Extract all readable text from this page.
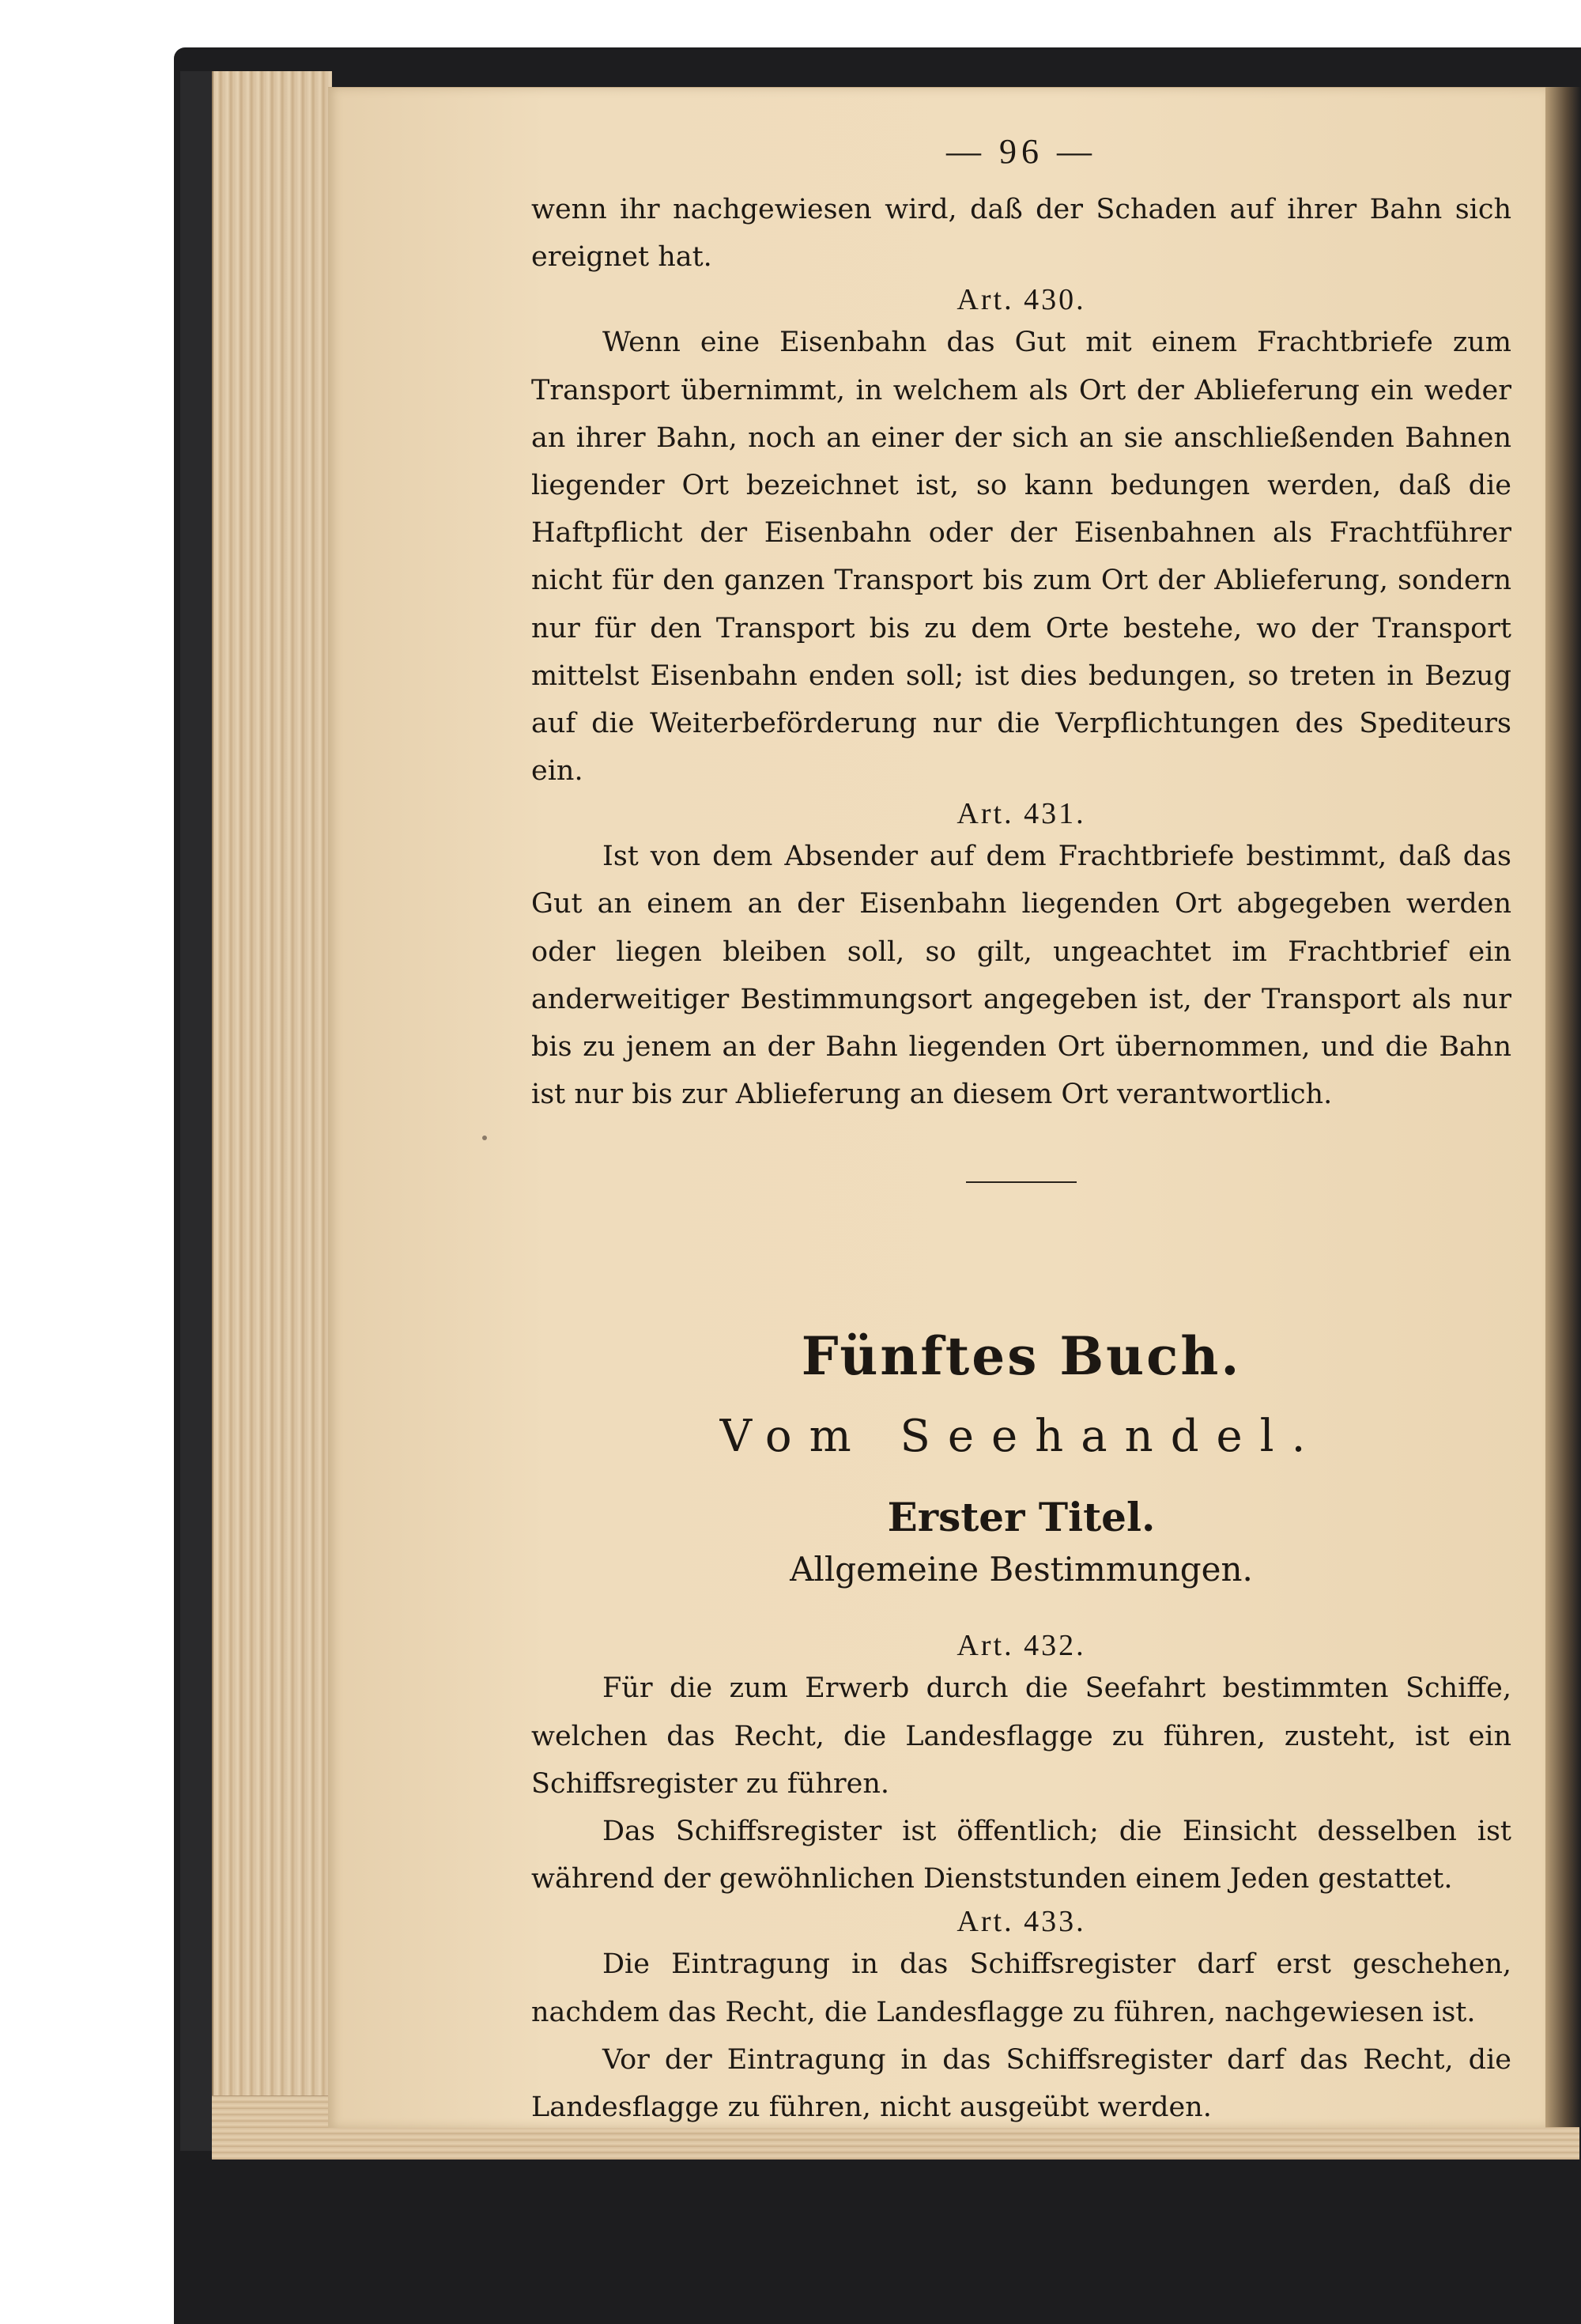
— 96 —

wenn ihr nachgewiesen wird, daß der Schaden auf ihrer Bahn sich ereignet hat.

Art. 430.

Wenn eine Eisenbahn das Gut mit einem Frachtbriefe zum Transport übernimmt, in welchem als Ort der Ablieferung ein weder an ihrer Bahn, noch an einer der sich an sie anschließenden Bahnen liegender Ort bezeichnet ist, so kann bedungen werden, daß die Haftpflicht der Eisenbahn oder der Eisenbahnen als Frachtführer nicht für den ganzen Transport bis zum Ort der Ablieferung, sondern nur für den Transport bis zu dem Orte bestehe, wo der Transport mittelst Eisenbahn enden soll; ist dies bedungen, so treten in Bezug auf die Weiterbeförderung nur die Verpflichtungen des Spediteurs ein.

Art. 431.

Ist von dem Absender auf dem Frachtbriefe bestimmt, daß das Gut an einem an der Eisenbahn liegenden Ort abgegeben werden oder liegen bleiben soll, so gilt, ungeachtet im Frachtbrief ein anderweitiger Bestimmungsort angegeben ist, der Transport als nur bis zu jenem an der Bahn liegenden Ort übernommen, und die Bahn ist nur bis zur Ablieferung an diesem Ort verantwortlich.

Fünftes Buch.
Vom Seehandel.
Erster Titel.
Allgemeine Bestimmungen.
Art. 432.

Für die zum Erwerb durch die Seefahrt bestimmten Schiffe, welchen das Recht, die Landesflagge zu führen, zusteht, ist ein Schiffsregister zu führen.

Das Schiffsregister ist öffentlich; die Einsicht desselben ist während der gewöhnlichen Dienststunden einem Jeden gestattet.

Art. 433.

Die Eintragung in das Schiffsregister darf erst geschehen, nachdem das Recht, die Landesflagge zu führen, nachgewiesen ist.

Vor der Eintragung in das Schiffsregister darf das Recht, die Landesflagge zu führen, nicht ausgeübt werden.
